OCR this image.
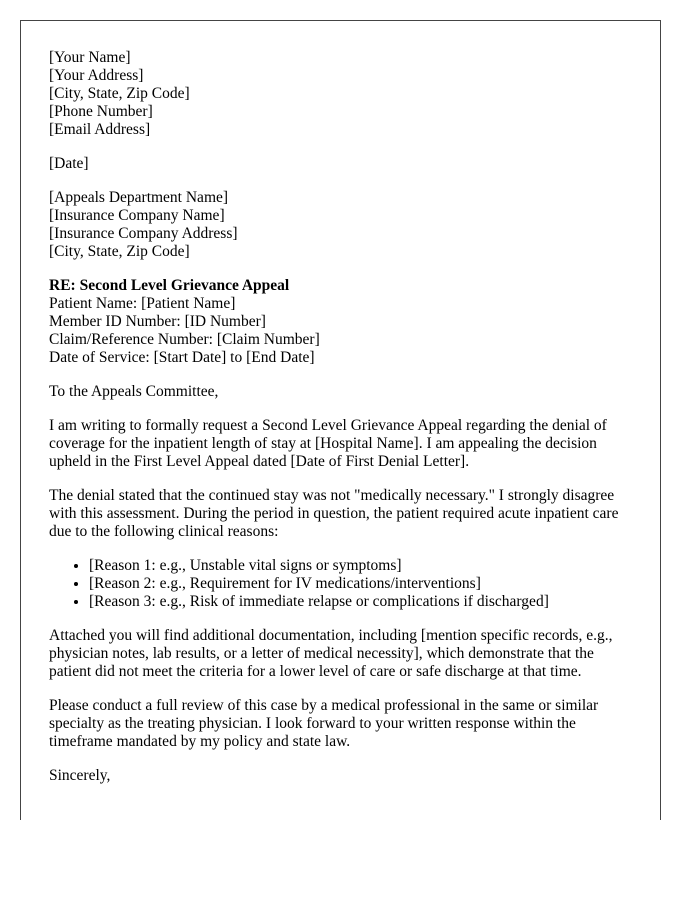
[Your Name]
[Your Address]
[City, State, Zip Code]
[Phone Number]
[Email Address]
[Date]
[Appeals Department Name]
[Insurance Company Name]
[Insurance Company Address]
[City, State, Zip Code]
RE: Second Level Grievance Appeal
Patient Name: [Patient Name]
Member ID Number: [ID Number]
Claim/Reference Number: [Claim Number]
Date of Service: [Start Date] to [End Date]

To the Appeals Committee,

I am writing to formally request a Second Level Grievance Appeal regarding the denial of coverage for the inpatient length of stay at [Hospital Name]. I am appealing the decision upheld in the First Level Appeal dated [Date of First Denial Letter].

The denial stated that the continued stay was not "medically necessary." I strongly disagree with this assessment. During the period in question, the patient required acute inpatient care due to the following clinical reasons:

• [Reason 1: e.g., Unstable vital signs or symptoms]
• [Reason 2: e.g., Requirement for IV medications/interventions]
• [Reason 3: e.g., Risk of immediate relapse or complications if discharged]

Attached you will find additional documentation, including [mention specific records, e.g., physician notes, lab results, or a letter of medical necessity], which demonstrate that the patient did not meet the criteria for a lower level of care or safe discharge at that time.

Please conduct a full review of this case by a medical professional in the same or similar specialty as the treating physician. I look forward to your written response within the timeframe mandated by my policy and state law.

Sincerely,
